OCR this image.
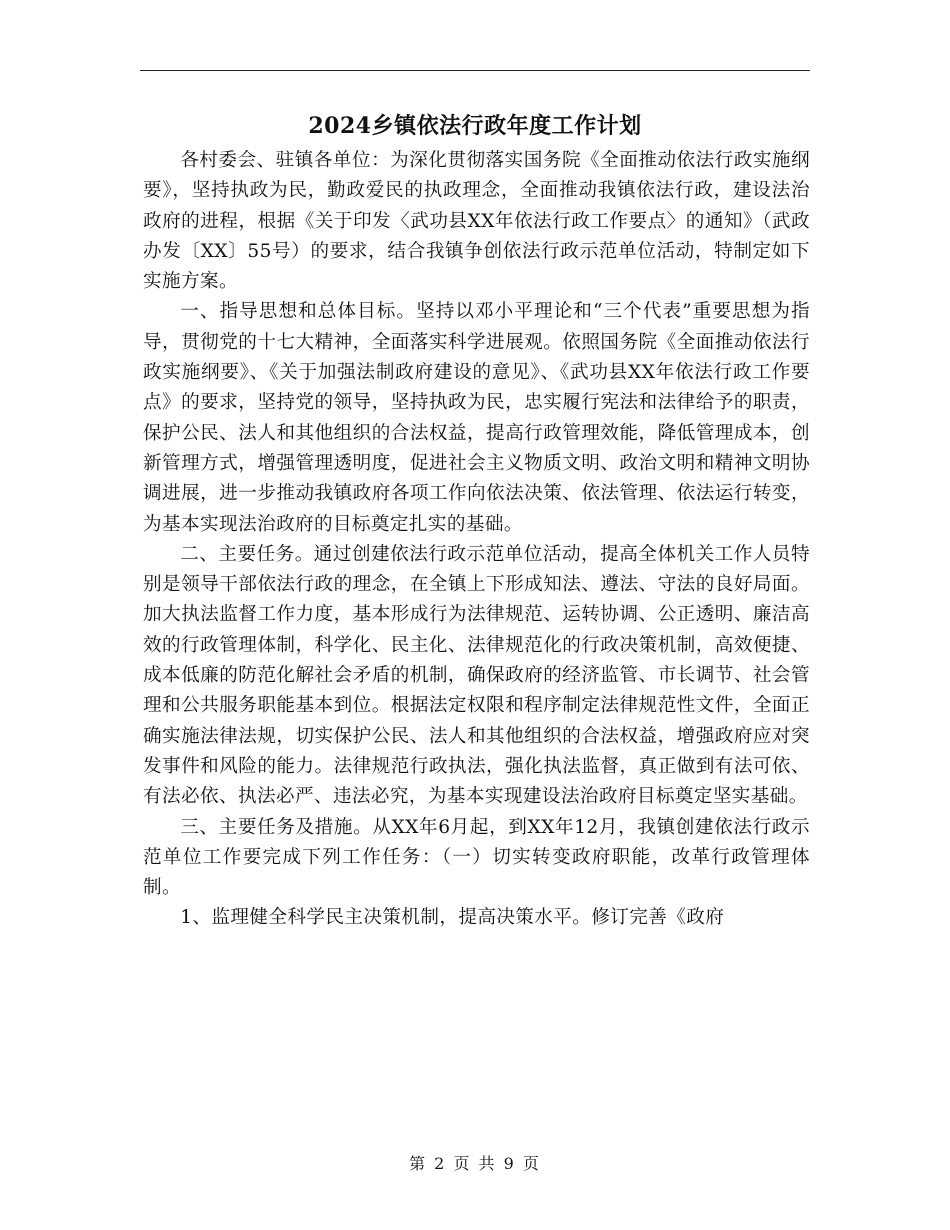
2024乡镇依法行政年度工作计划

各村委会、驻镇各单位：为深化贯彻落实国务院《全面推动依法行政实施纲要》，坚持执政为民，勤政爱民的执政理念，全面推动我镇依法行政，建设法治政府的进程，根据《关于印发〈武功县XX年依法行政工作要点〉的通知》（武政办发〔XX〕55号）的要求，结合我镇争创依法行政示范单位活动，特制定如下实施方案。

一、指导思想和总体目标。坚持以邓小平理论和“三个代表”重要思想为指导，贯彻党的十七大精神，全面落实科学进展观。依照国务院《全面推动依法行政实施纲要》、《关于加强法制政府建设的意见》、《武功县XX年依法行政工作要点》的要求，坚持党的领导，坚持执政为民，忠实履行宪法和法律给予的职责，保护公民、法人和其他组织的合法权益，提高行政管理效能，降低管理成本，创新管理方式，增强管理透明度，促进社会主义物质文明、政治文明和精神文明协调进展，进一步推动我镇政府各项工作向依法决策、依法管理、依法运行转变，为基本实现法治政府的目标奠定扎实的基础。

二、主要任务。通过创建依法行政示范单位活动，提高全体机关工作人员特别是领导干部依法行政的理念，在全镇上下形成知法、遵法、守法的良好局面。加大执法监督工作力度，基本形成行为法律规范、运转协调、公正透明、廉洁高效的行政管理体制，科学化、民主化、法律规范化的行政决策机制，高效便捷、成本低廉的防范化解社会矛盾的机制，确保政府的经济监管、市长调节、社会管理和公共服务职能基本到位。根据法定权限和程序制定法律规范性文件，全面正确实施法律法规，切实保护公民、法人和其他组织的合法权益，增强政府应对突发事件和风险的能力。法律规范行政执法，强化执法监督，真正做到有法可依、有法必依、执法必严、违法必究，为基本实现建设法治政府目标奠定坚实基础。

三、主要任务及措施。从XX年6月起，到XX年12月，我镇创建依法行政示范单位工作要完成下列工作任务：（一）切实转变政府职能，改革行政管理体制。

1、监理健全科学民主决策机制，提高决策水平。修订完善《政府

第 2 页 共 9 页
